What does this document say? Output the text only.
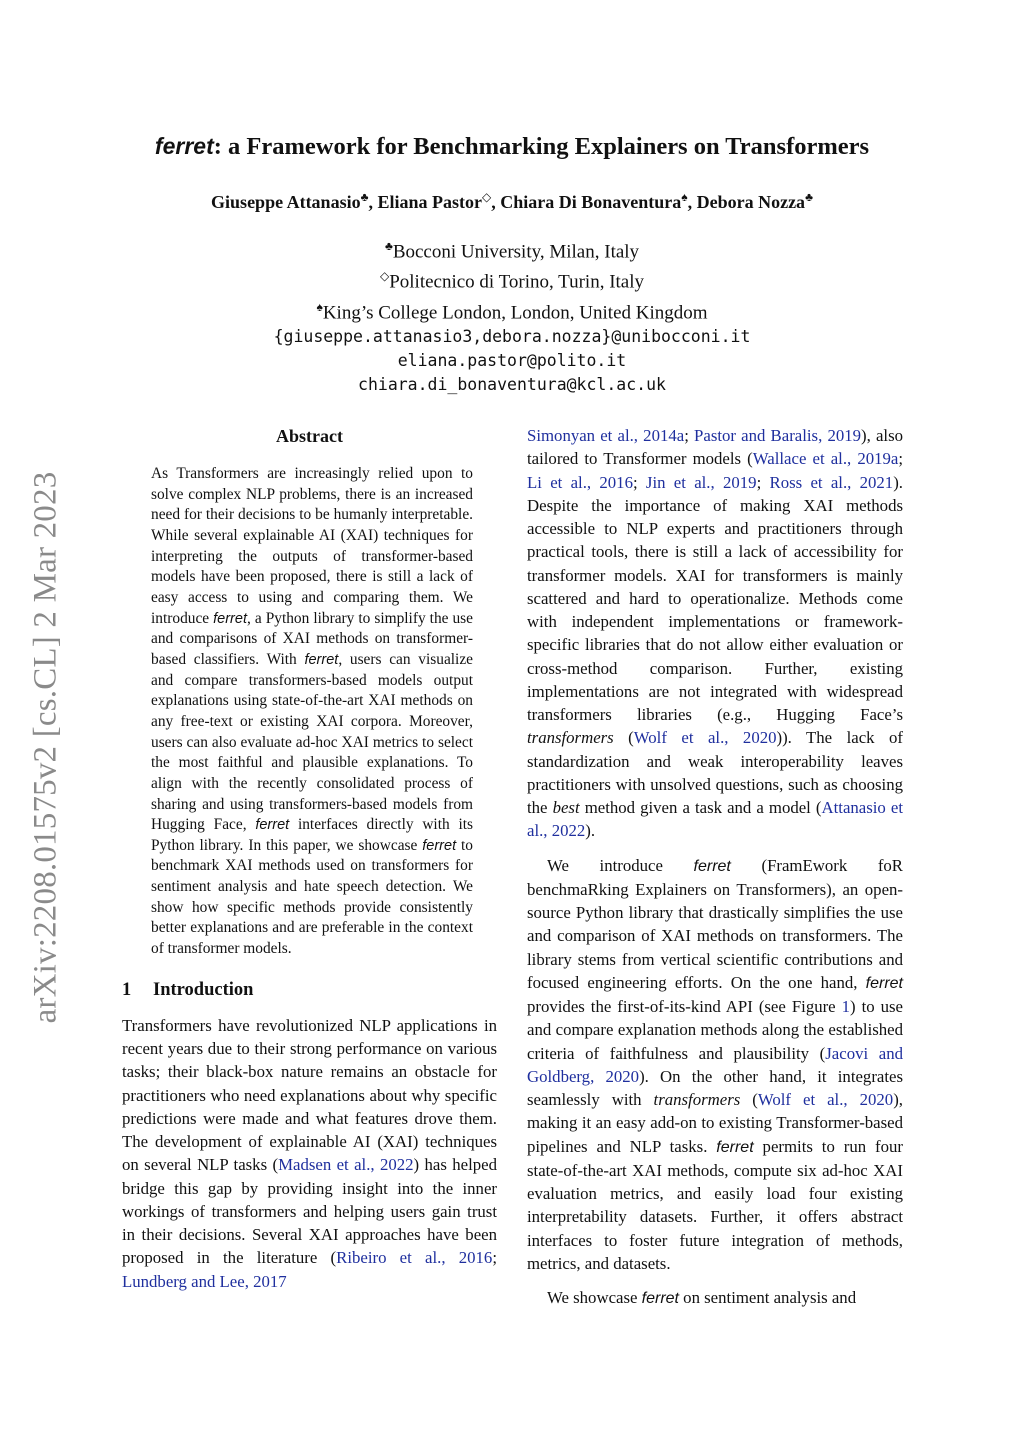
arXiv:2208.01575v2 [cs.CL] 2 Mar 2023
ferret: a Framework for Benchmarking Explainers on Transformers
Giuseppe Attanasio♣, Eliana Pastor◇, Chiara Di Bonaventura♠, Debora Nozza♣
♣Bocconi University, Milan, Italy
◇Politecnico di Torino, Turin, Italy
♠King’s College London, London, United Kingdom
{giuseppe.attanasio3,debora.nozza}@unibocconi.it
eliana.pastor@polito.it
chiara.di_bonaventura@kcl.ac.uk
Abstract

As Transformers are increasingly relied upon to solve complex NLP problems, there is an increased need for their decisions to be humanly interpretable. While several explainable AI (XAI) techniques for interpreting the outputs of transformer-based models have been proposed, there is still a lack of easy access to using and comparing them. We introduce ferret, a Python library to simplify the use and comparisons of XAI methods on transformer-based classifiers. With ferret, users can visualize and compare transformers-based models output explanations using state-of-the-art XAI methods on any free-text or existing XAI corpora. Moreover, users can also evaluate ad-hoc XAI metrics to select the most faithful and plausible explanations. To align with the recently consolidated process of sharing and using transformers-based models from Hugging Face, ferret interfaces directly with its Python library. In this paper, we showcase ferret to benchmark XAI methods used on transformers for sentiment analysis and hate speech detection. We show how specific methods provide consistently better explanations and are preferable in the context of transformer models.

1 Introduction

Transformers have revolutionized NLP applications in recent years due to their strong performance on various tasks; their black-box nature remains an obstacle for practitioners who need explanations about why specific predictions were made and what features drove them. The development of explainable AI (XAI) techniques on several NLP tasks (Madsen et al., 2022) has helped bridge this gap by providing insight into the inner workings of transformers and helping users gain trust in their decisions. Several XAI approaches have been proposed in the literature (Ribeiro et al., 2016; Lundberg and Lee, 2017

Simonyan et al., 2014a; Pastor and Baralis, 2019), also tailored to Transformer models (Wallace et al., 2019a; Li et al., 2016; Jin et al., 2019; Ross et al., 2021). Despite the importance of making XAI methods accessible to NLP experts and practitioners through practical tools, there is still a lack of accessibility for transformer models. XAI for transformers is mainly scattered and hard to operationalize. Methods come with independent implementations or framework-specific libraries that do not allow either evaluation or cross-method comparison. Further, existing implementations are not integrated with widespread transformers libraries (e.g., Hugging Face’s transformers (Wolf et al., 2020)). The lack of standardization and weak interoperability leaves practitioners with unsolved questions, such as choosing the best method given a task and a model (Attanasio et al., 2022).

We introduce ferret (FramEwork foR benchmaRking Explainers on Transformers), an open-source Python library that drastically simplifies the use and comparison of XAI methods on transformers. The library stems from vertical scientific contributions and focused engineering efforts. On the one hand, ferret provides the first-of-its-kind API (see Figure 1) to use and compare explanation methods along the established criteria of faithfulness and plausibility (Jacovi and Goldberg, 2020). On the other hand, it integrates seamlessly with transformers (Wolf et al., 2020), making it an easy add-on to existing Transformer-based pipelines and NLP tasks. ferret permits to run four state-of-the-art XAI methods, compute six ad-hoc XAI evaluation metrics, and easily load four existing interpretability datasets. Further, it offers abstract interfaces to foster future integration of methods, metrics, and datasets.

We showcase ferret on sentiment analysis and
